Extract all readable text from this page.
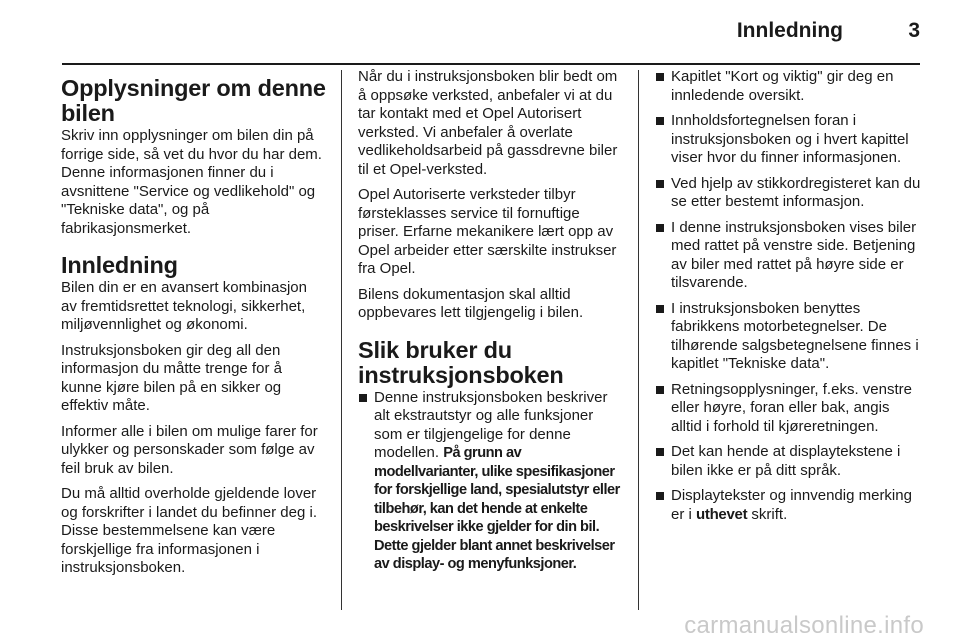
Innledning	3
Opplysninger om denne bilen

Skriv inn opplysninger om bilen din på forrige side, så vet du hvor du har dem. Denne informasjonen finner du i avsnittene "Service og vedlikehold" og "Tekniske data", og på fabrikasjonsmerket.

Innledning

Bilen din er en avansert kombinasjon av fremtidsrettet teknologi, sikkerhet, miljøvennlighet og økonomi.

Instruksjonsboken gir deg all den informasjon du måtte trenge for å kunne kjøre bilen på en sikker og effektiv måte.

Informer alle i bilen om mulige farer for ulykker og personskader som følge av feil bruk av bilen.

Du må alltid overholde gjeldende lover og forskrifter i landet du befinner deg i. Disse bestemmelsene kan være forskjellige fra informasjonen i instruksjonsboken.

Når du i instruksjonsboken blir bedt om å oppsøke verksted, anbefaler vi at du tar kontakt med et Opel Autorisert verksted. Vi anbefaler å overlate vedlikeholdsarbeid på gassdrevne biler til et Opel-verksted.

Opel Autoriserte verksteder tilbyr førsteklasses service til fornuftige priser. Erfarne mekanikere lært opp av Opel arbeider etter særskilte instrukser fra Opel.

Bilens dokumentasjon skal alltid oppbevares lett tilgjengelig i bilen.

Slik bruker du instruksjonsboken
Denne instruksjonsboken beskriver alt ekstrautstyr og alle funksjoner som er tilgjengelige for denne modellen. På grunn av modellvarianter, ulike spesifikasjoner for forskjellige land, spesialutstyr eller tilbehør, kan det hende at enkelte beskrivelser ikke gjelder for din bil. Dette gjelder blant annet beskrivelser av display- og menyfunksjoner.
Kapitlet "Kort og viktig" gir deg en innledende oversikt.
Innholdsfortegnelsen foran i instruksjonsboken og i hvert kapittel viser hvor du finner informasjonen.
Ved hjelp av stikkordregisteret kan du se etter bestemt informasjon.
I denne instruksjonsboken vises biler med rattet på venstre side. Betjening av biler med rattet på høyre side er tilsvarende.
I instruksjonsboken benyttes fabrikkens motorbetegnelser. De tilhørende salgsbetegnelsene finnes i kapitlet "Tekniske data".
Retningsopplysninger, f.eks. venstre eller høyre, foran eller bak, angis alltid i forhold til kjøreretningen.
Det kan hende at displaytekstene i bilen ikke er på ditt språk.
Displaytekster og innvendig merking er i uthevet skrift.
carmanualsonline.info
